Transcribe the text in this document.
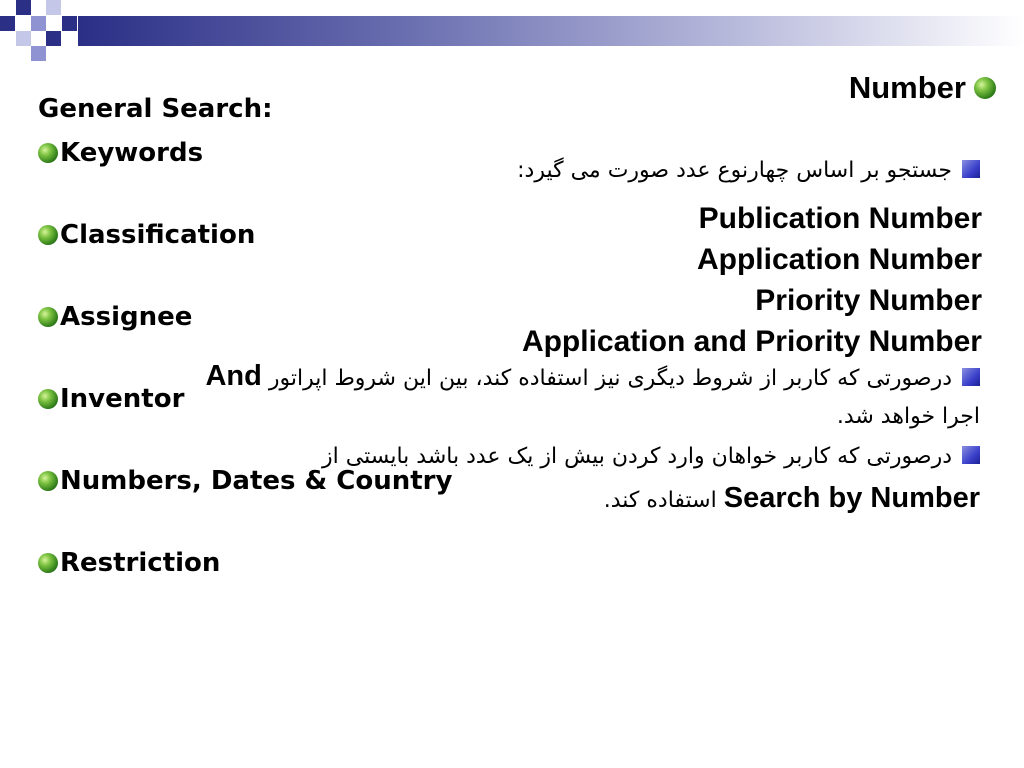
Number
General Search:
Keywords
Classification
Assignee
Inventor
Numbers, Dates & Country
Restriction
جستجو بر اساس چهارنوع عدد صورت می گیرد:
Publication Number
Application Number
Priority Number
Application and Priority Number
درصورتی که کاربر از شروط دیگری نیز استفاده کند، بین این شروط اپراتور And
اجرا خواهد شد.
درصورتی که کاربر خواهان وارد کردن بیش از یک عدد باشد بایستی از
Search by Number استفاده کند.
